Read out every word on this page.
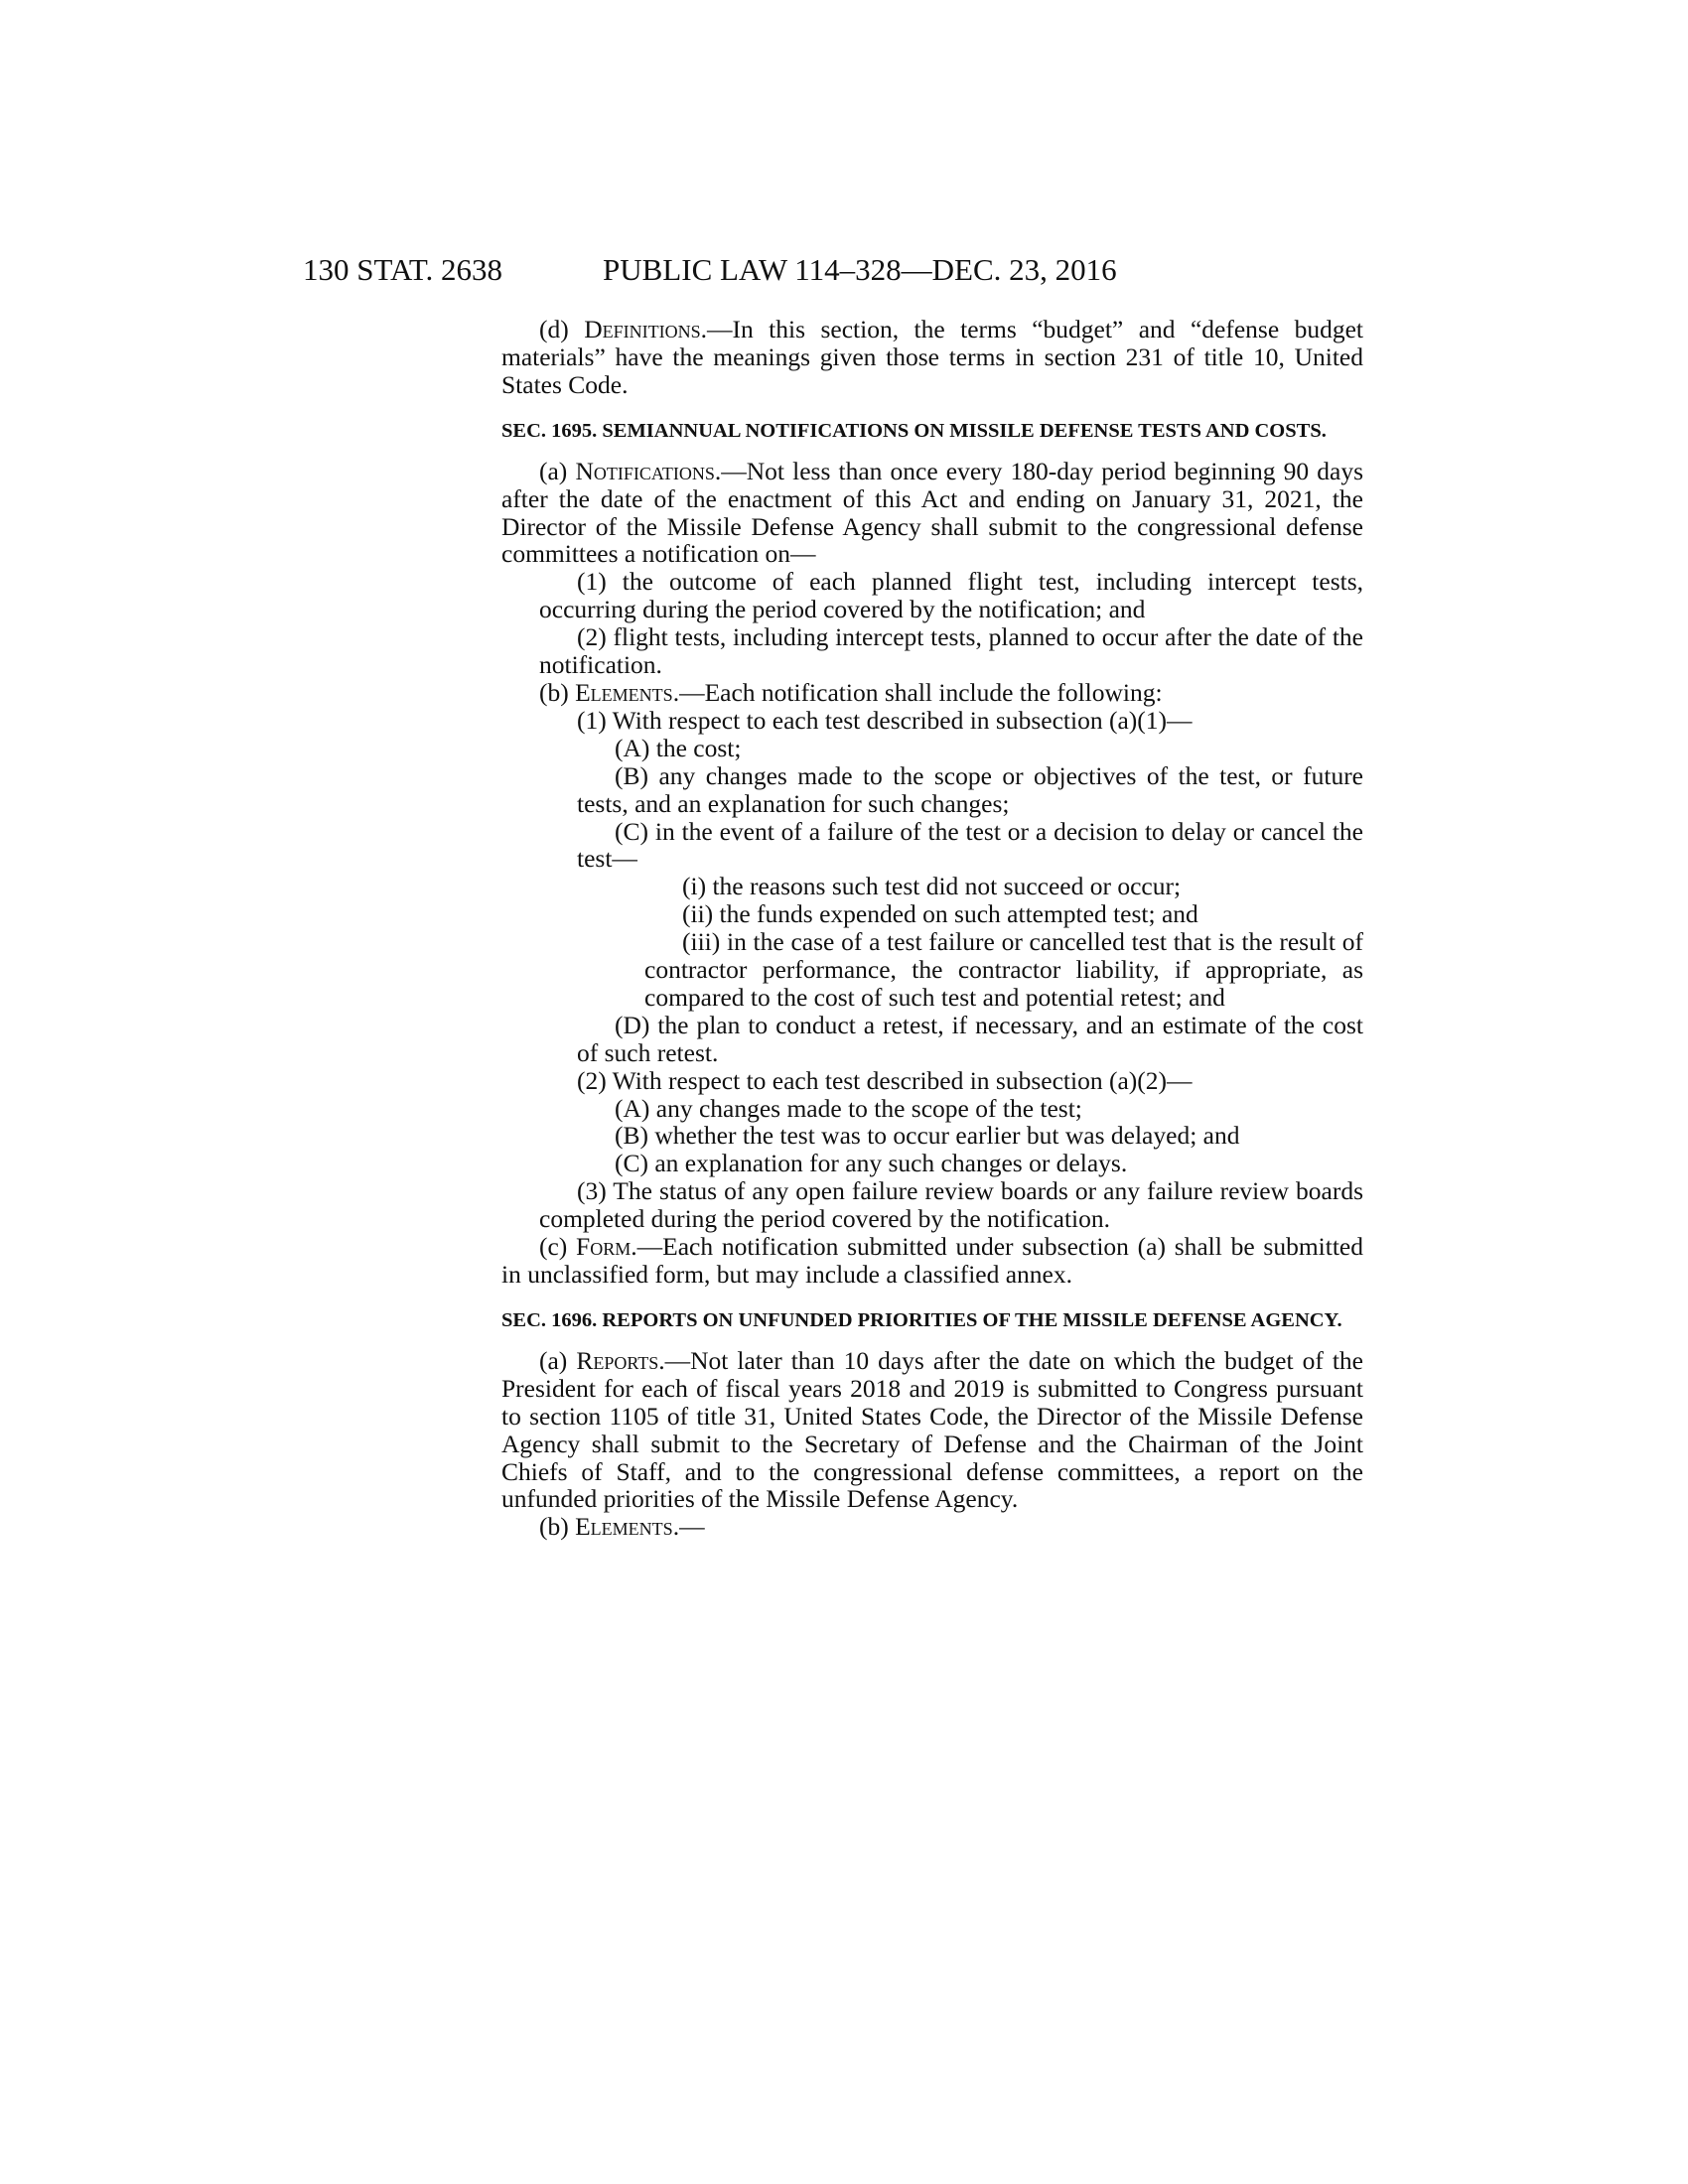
130 STAT. 2638	PUBLIC LAW 114–328—DEC. 23, 2016

(d) Definitions.—In this section, the terms “budget” and “defense budget materials” have the meanings given those terms in section 231 of title 10, United States Code.

SEC. 1695. SEMIANNUAL NOTIFICATIONS ON MISSILE DEFENSE TESTS AND COSTS.

(a) Notifications.—Not less than once every 180-day period beginning 90 days after the date of the enactment of this Act and ending on January 31, 2021, the Director of the Missile Defense Agency shall submit to the congressional defense committees a notification on—

(1) the outcome of each planned flight test, including intercept tests, occurring during the period covered by the notification; and

(2) flight tests, including intercept tests, planned to occur after the date of the notification.

(b) Elements.—Each notification shall include the following:

(1) With respect to each test described in subsection (a)(1)—

(A) the cost;

(B) any changes made to the scope or objectives of the test, or future tests, and an explanation for such changes;

(C) in the event of a failure of the test or a decision to delay or cancel the test—

(i) the reasons such test did not succeed or occur;

(ii) the funds expended on such attempted test; and

(iii) in the case of a test failure or cancelled test that is the result of contractor performance, the contractor liability, if appropriate, as compared to the cost of such test and potential retest; and

(D) the plan to conduct a retest, if necessary, and an estimate of the cost of such retest.

(2) With respect to each test described in subsection (a)(2)—

(A) any changes made to the scope of the test;

(B) whether the test was to occur earlier but was delayed; and

(C) an explanation for any such changes or delays.

(3) The status of any open failure review boards or any failure review boards completed during the period covered by the notification.

(c) Form.—Each notification submitted under subsection (a) shall be submitted in unclassified form, but may include a classified annex.

SEC. 1696. REPORTS ON UNFUNDED PRIORITIES OF THE MISSILE DEFENSE AGENCY.

(a) Reports.—Not later than 10 days after the date on which the budget of the President for each of fiscal years 2018 and 2019 is submitted to Congress pursuant to section 1105 of title 31, United States Code, the Director of the Missile Defense Agency shall submit to the Secretary of Defense and the Chairman of the Joint Chiefs of Staff, and to the congressional defense committees, a report on the unfunded priorities of the Missile Defense Agency.

(b) Elements.—
